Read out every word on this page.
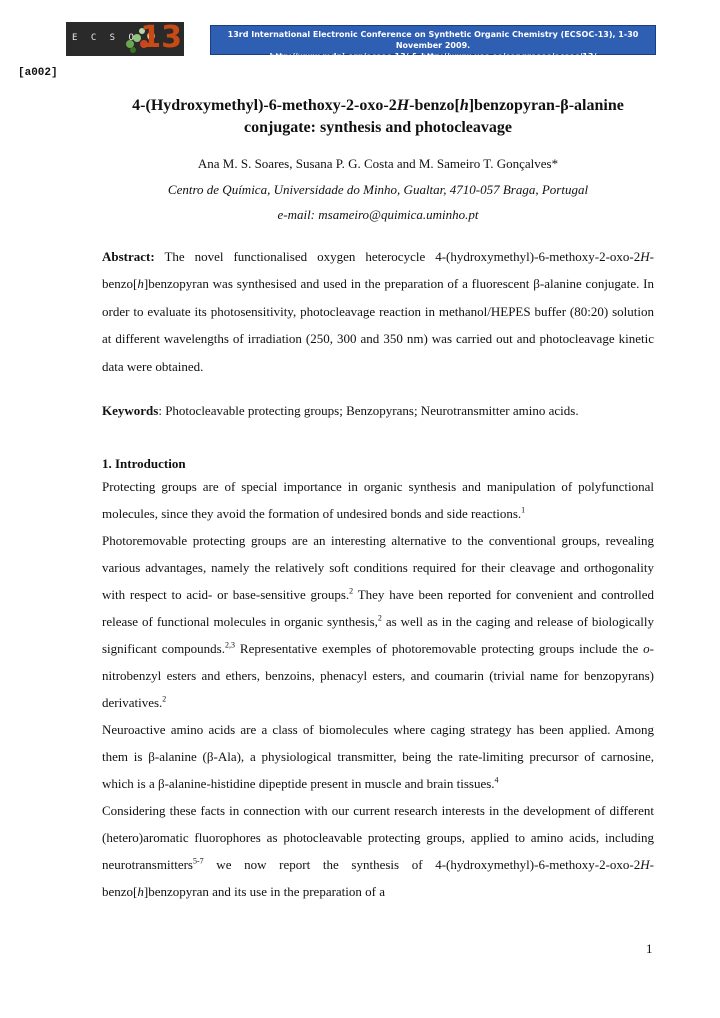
E C S O C
13	13rd International Electronic Conference on Synthetic Organic Chemistry (ECSOC-13), 1-30 November 2009.
http://www.mdpi.org/ecsoc-13/ & http://www.usc.es/congresos/ecsoc/13/
[a002]
4-(Hydroxymethyl)-6-methoxy-2-oxo-2H-benzo[h]benzopyran-β-alanine
conjugate: synthesis and photocleavage
Ana M. S. Soares, Susana P. G. Costa and M. Sameiro T. Gonçalves*
Centro de Química, Universidade do Minho, Gualtar, 4710-057 Braga, Portugal
e-mail: msameiro@quimica.uminho.pt
Abstract: The novel functionalised oxygen heterocycle 4-(hydroxymethyl)-6-methoxy-2-oxo-2H-benzo[h]benzopyran was synthesised and used in the preparation of a fluorescent β-alanine conjugate. In order to evaluate its photosensitivity, photocleavage reaction in methanol/HEPES buffer (80:20) solution at different wavelengths of irradiation (250, 300 and 350 nm) was carried out and photocleavage kinetic data were obtained.
Keywords: Photocleavable protecting groups; Benzopyrans; Neurotransmitter amino acids.
1. Introduction

Protecting groups are of special importance in organic synthesis and manipulation of polyfunctional molecules, since they avoid the formation of undesired bonds and side reactions.$^1$

Photoremovable protecting groups are an interesting alternative to the conventional groups, revealing various advantages, namely the relatively soft conditions required for their cleavage and orthogonality with respect to acid- or base-sensitive groups.$^2$ They have been reported for convenient and controlled release of functional molecules in organic synthesis,$^2$ as well as in the caging and release of biologically significant compounds.$^{2,3}$ Representative exemples of photoremovable protecting groups include the o-nitrobenzyl esters and ethers, benzoins, phenacyl esters, and coumarin (trivial name for benzopyrans) derivatives.$^2$

Neuroactive amino acids are a class of biomolecules where caging strategy has been applied. Among them is β-alanine (β-Ala), a physiological transmitter, being the rate-limiting precursor of carnosine, which is a β-alanine-histidine dipeptide present in muscle and brain tissues.$^4$

Considering these facts in connection with our current research interests in the development of different (hetero)aromatic fluorophores as photocleavable protecting groups, applied to amino acids, including neurotransmitters$^{5-7}$ we now report the synthesis of 4-(hydroxymethyl)-6-methoxy-2-oxo-2H-benzo[h]benzopyran and its use in the preparation of a

1
